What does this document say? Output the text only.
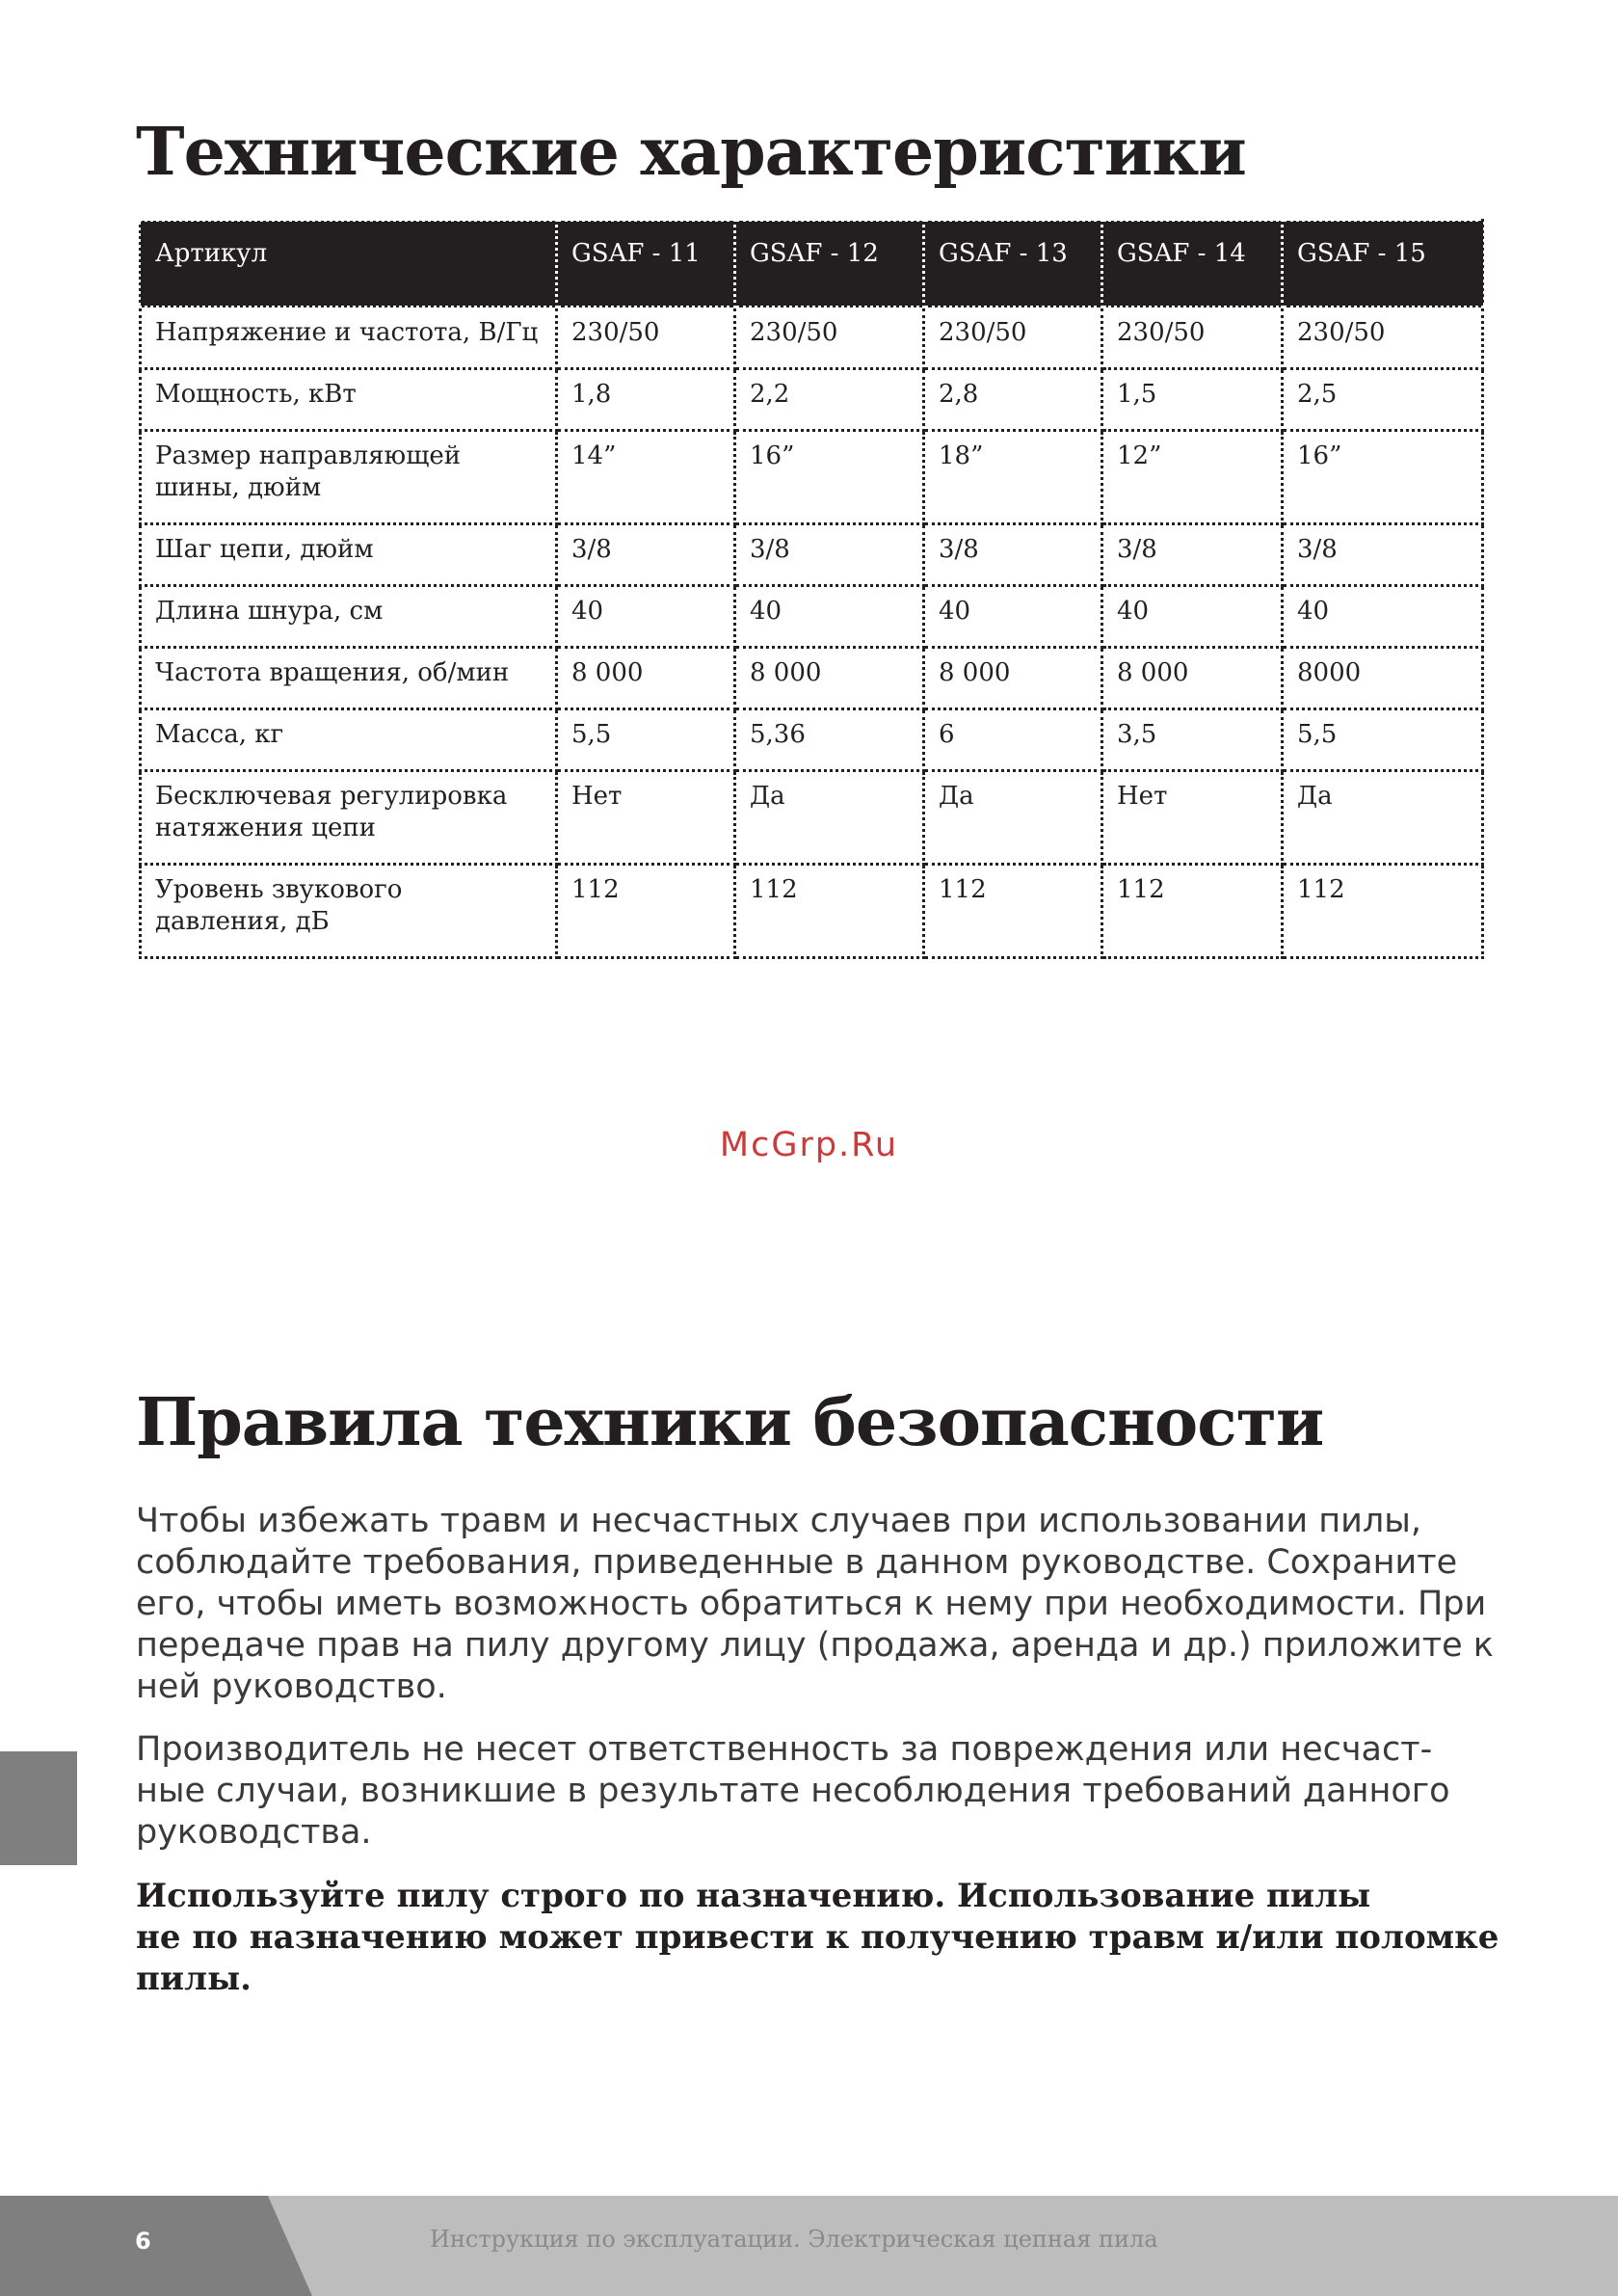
Технические характеристики
Артикул	GSAF - 11	GSAF - 12	GSAF - 13	GSAF - 14	GSAF - 15
Напряжение и частота, В/Гц	230/50	230/50	230/50	230/50	230/50
Мощность, кВт	1,8	2,2	2,8	1,5	2,5

Размер направляющей
шины, дюйм	14”	16”	18”	12”	16”
Шаг цепи, дюйм	3/8	3/8	3/8	3/8	3/8
Длина шнура, см	40	40	40	40	40
Частота вращения, об/мин	8 000	8 000	8 000	8 000	8000
Масса, кг	5,5	5,36	6	3,5	5,5

Бесключевая регулировка
натяжения цепи	Нет	Да	Да	Нет	Да

Уровень звукового
давления, дБ	112	112	112	112	112
McGrp.Ru
Правила техники безопасности

Чтобы избежать травм и несчастных случаев при использовании пилы,
соблюдайте требования, приведенные в данном руководстве. Сохраните
его, чтобы иметь возможность обратиться к нему при необходимости. При
передаче прав на пилу другому лицу (продажа, аренда и др.) приложите к
ней руководство.

Производитель не несет ответственность за повреждения или несчаст-
ные случаи, возникшие в результате несоблюдения требований данного
руководства.

Используйте пилу строго по назначению. Использование пилы
не по назначению может привести к получению травм и/или поломке
пилы.

6	Инструкция по эксплуатации. Электрическая цепная пила
